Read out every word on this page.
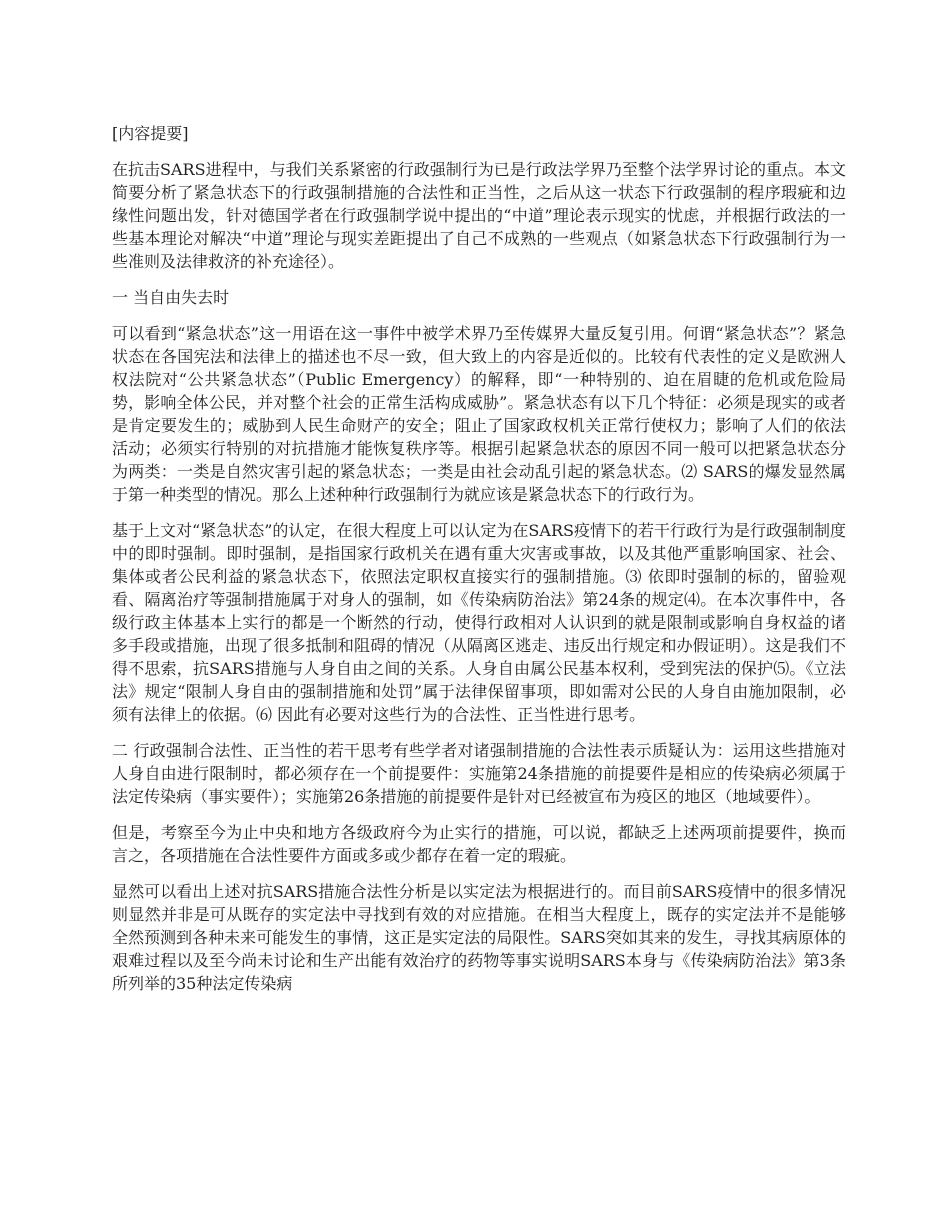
[内容提要]

在抗击SARS进程中，与我们关系紧密的行政强制行为已是行政法学界乃至整个法学界讨论的重点。本文简要分析了紧急状态下的行政强制措施的合法性和正当性，之后从这一状态下行政强制的程序瑕疵和边缘性问题出发，针对德国学者在行政强制学说中提出的“中道”理论表示现实的忧虑，并根据行政法的一些基本理论对解决“中道”理论与现实差距提出了自己不成熟的一些观点（如紧急状态下行政强制行为一些准则及法律救济的补充途径）。

一 当自由失去时

可以看到“紧急状态”这一用语在这一事件中被学术界乃至传媒界大量反复引用。何谓“紧急状态”？紧急状态在各国宪法和法律上的描述也不尽一致，但大致上的内容是近似的。比较有代表性的定义是欧洲人权法院对“公共紧急状态”（Public Emergency）的解释，即“一种特别的、迫在眉睫的危机或危险局势，影响全体公民，并对整个社会的正常生活构成威胁”。紧急状态有以下几个特征：必须是现实的或者是肯定要发生的；威胁到人民生命财产的安全；阻止了国家政权机关正常行使权力；影响了人们的依法活动；必须实行特别的对抗措施才能恢复秩序等。根据引起紧急状态的原因不同一般可以把紧急状态分为两类：一类是自然灾害引起的紧急状态；一类是由社会动乱引起的紧急状态。⑵ SARS的爆发显然属于第一种类型的情况。那么上述种种行政强制行为就应该是紧急状态下的行政行为。

基于上文对“紧急状态”的认定，在很大程度上可以认定为在SARS疫情下的若干行政行为是行政强制制度中的即时强制。即时强制，是指国家行政机关在遇有重大灾害或事故，以及其他严重影响国家、社会、集体或者公民利益的紧急状态下，依照法定职权直接实行的强制措施。⑶ 依即时强制的标的，留验观看、隔离治疗等强制措施属于对身人的强制，如《传染病防治法》第24条的规定⑷。在本次事件中，各级行政主体基本上实行的都是一个断然的行动，使得行政相对人认识到的就是限制或影响自身权益的诸多手段或措施，出现了很多抵制和阻碍的情况（从隔离区逃走、违反出行规定和办假证明）。这是我们不得不思索，抗SARS措施与人身自由之间的关系。人身自由属公民基本权利，受到宪法的保护⑸。《立法法》规定“限制人身自由的强制措施和处罚”属于法律保留事项，即如需对公民的人身自由施加限制，必须有法律上的依据。⑹ 因此有必要对这些行为的合法性、正当性进行思考。

二 行政强制合法性、正当性的若干思考有些学者对诸强制措施的合法性表示质疑认为：运用这些措施对人身自由进行限制时，都必须存在一个前提要件：实施第24条措施的前提要件是相应的传染病必须属于法定传染病（事实要件）；实施第26条措施的前提要件是针对已经被宣布为疫区的地区（地域要件）。

但是，考察至今为止中央和地方各级政府今为止实行的措施，可以说，都缺乏上述两项前提要件，换而言之，各项措施在合法性要件方面或多或少都存在着一定的瑕疵。

显然可以看出上述对抗SARS措施合法性分析是以实定法为根据进行的。而目前SARS疫情中的很多情况则显然并非是可从既存的实定法中寻找到有效的对应措施。在相当大程度上，既存的实定法并不是能够全然预测到各种未来可能发生的事情，这正是实定法的局限性。SARS突如其来的发生，寻找其病原体的艰难过程以及至今尚未讨论和生产出能有效治疗的药物等事实说明SARS本身与《传染病防治法》第3条所列举的35种法定传染病
